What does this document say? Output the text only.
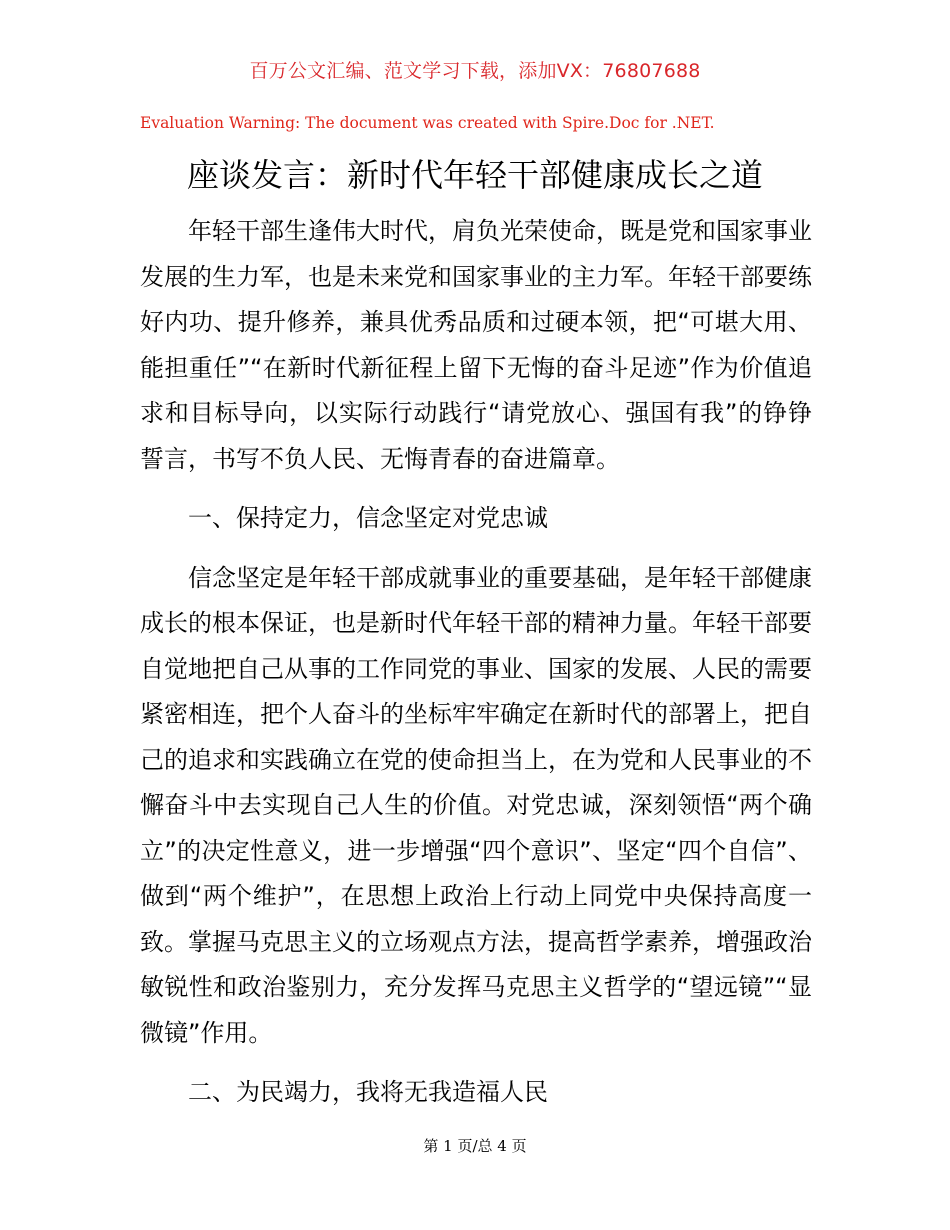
百万公文汇编、范文学习下载，添加VX：76807688
Evaluation Warning: The document was created with Spire.Doc for .NET.
座谈发言：新时代年轻干部健康成长之道

年轻干部生逢伟大时代，肩负光荣使命，既是党和国家事业发展的生力军，也是未来党和国家事业的主力军。年轻干部要练好内功、提升修养，兼具优秀品质和过硬本领，把“可堪大用、能担重任”“在新时代新征程上留下无悔的奋斗足迹”作为价值追求和目标导向，以实际行动践行“请党放心、强国有我”的铮铮誓言，书写不负人民、无悔青春的奋进篇章。

一、保持定力，信念坚定对党忠诚

信念坚定是年轻干部成就事业的重要基础，是年轻干部健康成长的根本保证，也是新时代年轻干部的精神力量。年轻干部要自觉地把自己从事的工作同党的事业、国家的发展、人民的需要紧密相连，把个人奋斗的坐标牢牢确定在新时代的部署上，把自己的追求和实践确立在党的使命担当上，在为党和人民事业的不懈奋斗中去实现自己人生的价值。对党忠诚，深刻领悟“两个确立”的决定性意义，进一步增强“四个意识”、坚定“四个自信”、做到“两个维护”，在思想上政治上行动上同党中央保持高度一致。掌握马克思主义的立场观点方法，提高哲学素养，增强政治敏锐性和政治鉴别力，充分发挥马克思主义哲学的“望远镜”“显微镜”作用。

二、为民竭力，我将无我造福人民

第 1 页/总 4 页
